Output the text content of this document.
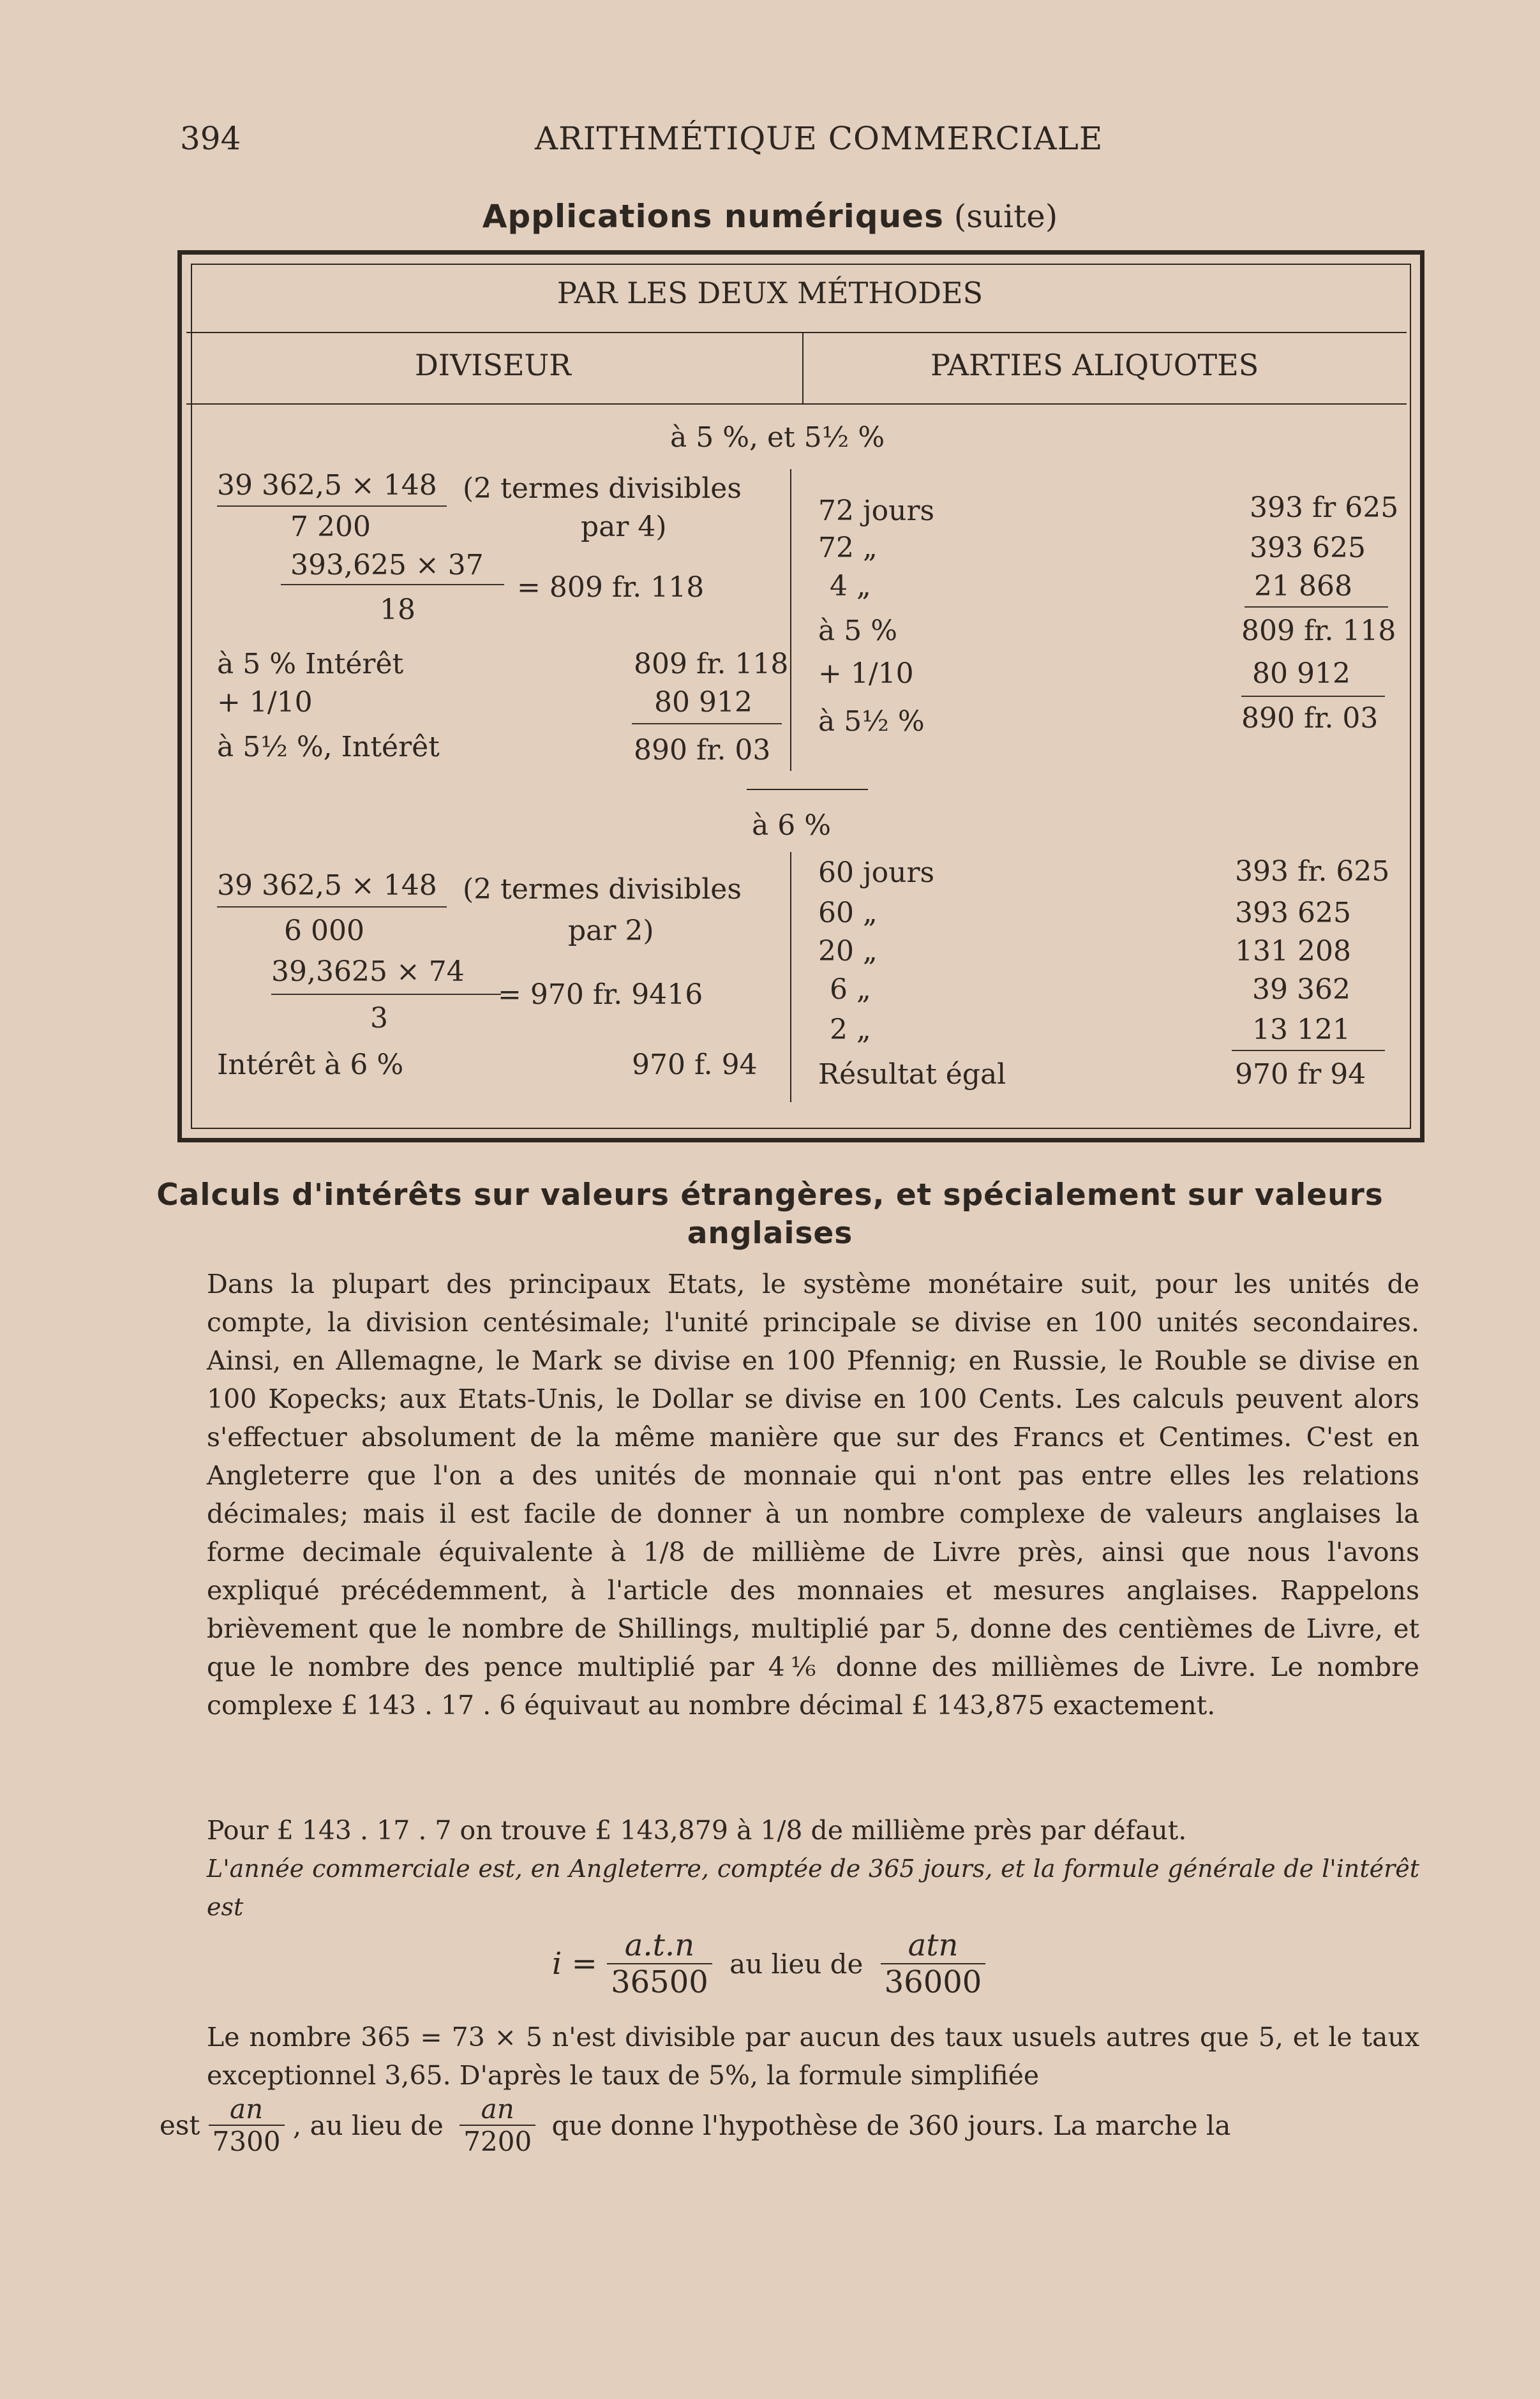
394	ARITHMÉTIQUE COMMERCIALE
Applications numériques (suite)
PAR LES DEUX MÉTHODES
DIVISEUR	PARTIES ALIQUOTES
à 5 %, et 5½ %
39 362,5 × 148 (2 termes divisibles
7 200	par 4)
393,625 × 37
18
= 809 fr. 118
à 5 % Intérêt	809 fr. 118
+ 1/10	80 912
à 5½ %, Intérêt	890 fr. 03
72 jours	393 fr 625
72 „	393 625
4 „	21 868
à 5 %	809 fr. 118
+ 1/10	80 912
à 5½ %	890 fr. 03
à 6 %
39 362,5 × 148 (2 termes divisibles
6 000	par 2)
39,3625 × 74
3
= 970 fr. 9416
Intérêt à 6 %	970 f. 94
60 jours	393 fr. 625
60 „	393 625
20 „	131 208
6 „	39 362
2 „	13 121
Résultat égal	970 fr 94
Calculs d'intérêts sur valeurs étrangères, et spécialement sur valeurs
anglaises
Dans la plupart des principaux Etats, le système monétaire suit, pour les unités de compte, la division centésimale; l'unité principale se divise en 100 unités secondaires. Ainsi, en Allemagne, le Mark se divise en 100 Pfennig; en Russie, le Rouble se divise en 100 Kopecks; aux Etats-Unis, le Dollar se divise en 100 Cents. Les calculs peuvent alors s'effectuer absolument de la même manière que sur des Francs et Centimes. C'est en Angleterre que l'on a des unités de monnaie qui n'ont pas entre elles les relations décimales; mais il est facile de donner à un nombre complexe de valeurs anglaises la forme decimale équivalente à 1/8 de millième de Livre près, ainsi que nous l'avons expliqué précédemment, à l'article des monnaies et mesures anglaises. Rappelons brièvement que le nombre de Shillings, multiplié par 5, donne des centièmes de Livre, et que le nombre des pence multiplié par 4⅙ donne des millièmes de Livre. Le nombre complexe £ 143 . 17 . 6 équivaut au nombre décimal £ 143,875 exactement.
Pour £ 143 . 17 . 7 on trouve £ 143,879 à 1/8 de millième près par défaut.
L'année commerciale est, en Angleterre, comptée de 365 jours, et la formule générale de l'intérêt est
$i = \frac{a.t.n}{36500}$ au lieu de $\frac{\text{atn}}{36000}$
Le nombre 365 = 73 × 5 n'est divisible par aucun des taux usuels autres que 5, et le taux exceptionnel 3,65. D'après le taux de 5%, la formule simplifiée
est $\frac{an}{7300}$ , au lieu de $\frac{an}{7200}$ que donne l'hypothèse de 360 jours. La marche la
